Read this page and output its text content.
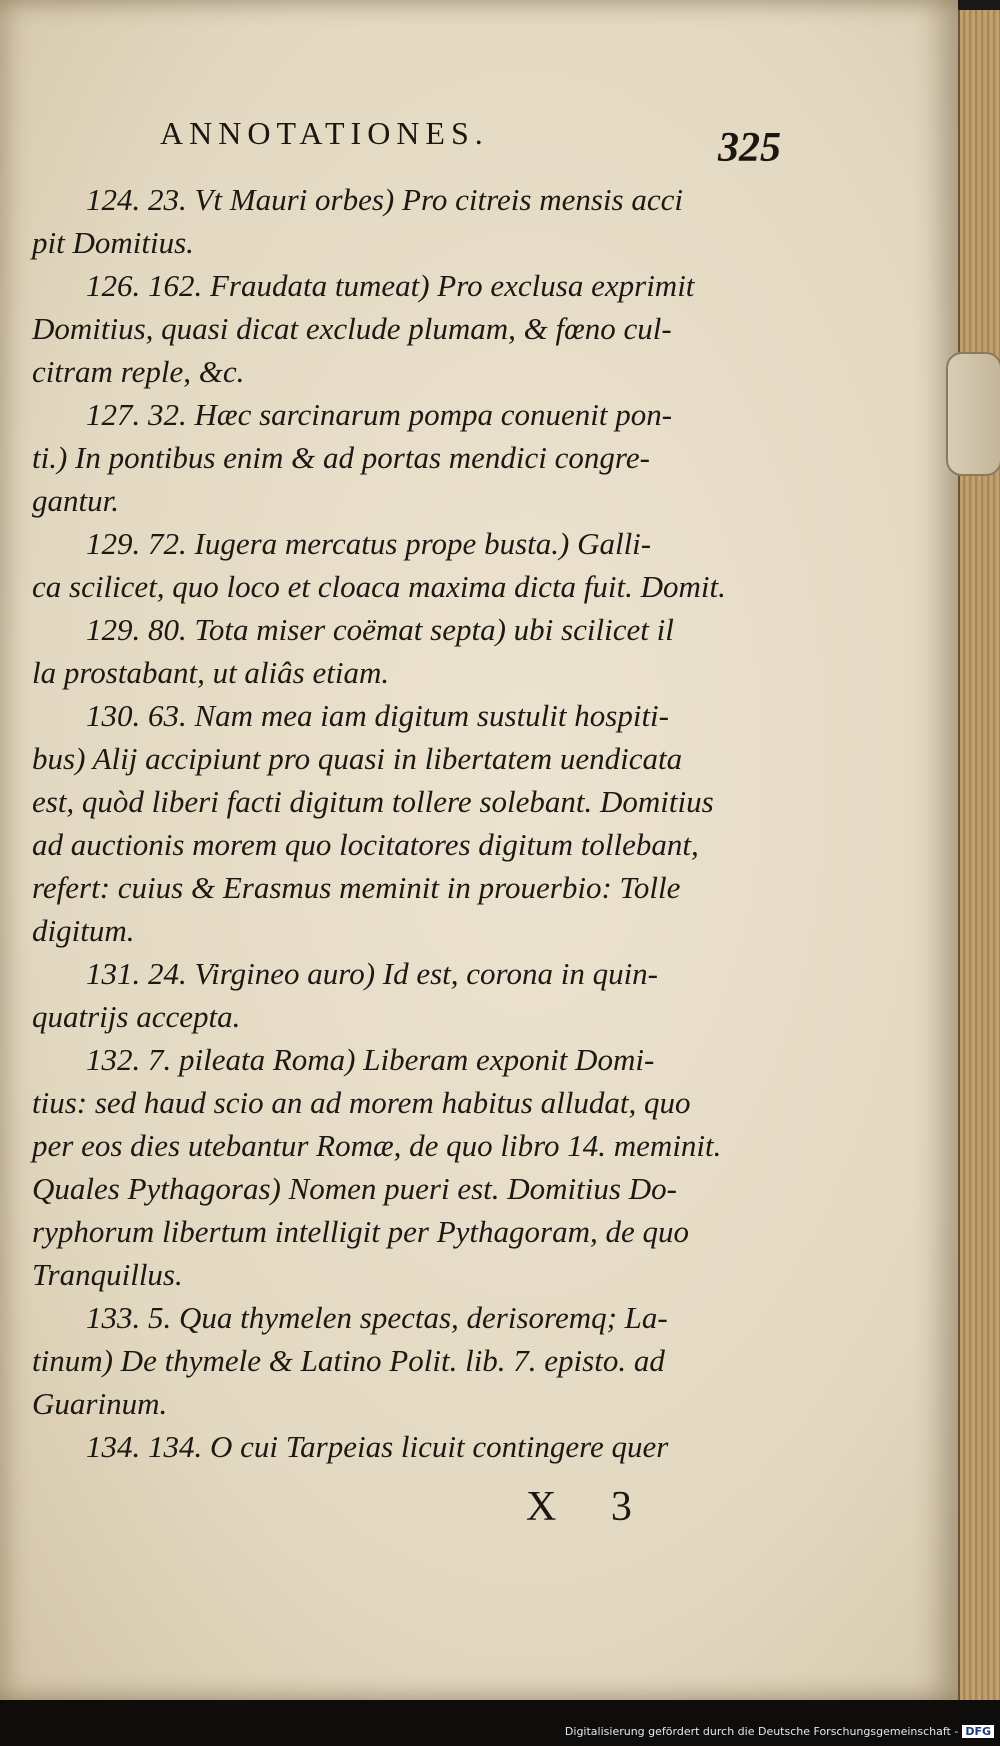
ANNOTATIONES.	325
124. 23. Vt Mauri orbes) Pro citreis mensis acci
pit Domitius.
126. 162. Fraudata tumeat) Pro exclusa exprimit
Domitius, quasi dicat exclude plumam, & fœno cul-
citram reple, &c.
127. 32. Hæc sarcinarum pompa conuenit pon-
ti.) In pontibus enim & ad portas mendici congre-
gantur.
129. 72. Iugera mercatus prope busta.) Galli-
ca scilicet, quo loco et cloaca maxima dicta fuit. Domit.
129. 80. Tota miser coëmat septa) ubi scilicet il
la prostabant, ut aliâs etiam.
130. 63. Nam mea iam digitum sustulit hospiti-
bus) Alij accipiunt pro quasi in libertatem uendicata
est, quòd liberi facti digitum tollere solebant. Domitius
ad auctionis morem quo locitatores digitum tollebant,
refert: cuius & Erasmus meminit in prouerbio: Tolle
digitum.
131. 24. Virgineo auro) Id est, corona in quin-
quatrijs accepta.
132. 7. pileata Roma) Liberam exponit Domi-
tius: sed haud scio an ad morem habitus alludat, quo
per eos dies utebantur Romæ, de quo libro 14. meminit.
Quales Pythagoras) Nomen pueri est. Domitius Do-
ryphorum libertum intelligit per Pythagoram, de quo
Tranquillus.
133. 5. Qua thymelen spectas, derisoremq; La-
tinum) De thymele & Latino Polit. lib. 7. episto. ad
Guarinum.
134. 134. O cui Tarpeias licuit contingere quer
X 3
Digitalisierung gefördert durch die Deutsche Forschungsgemeinschaft - DFG
